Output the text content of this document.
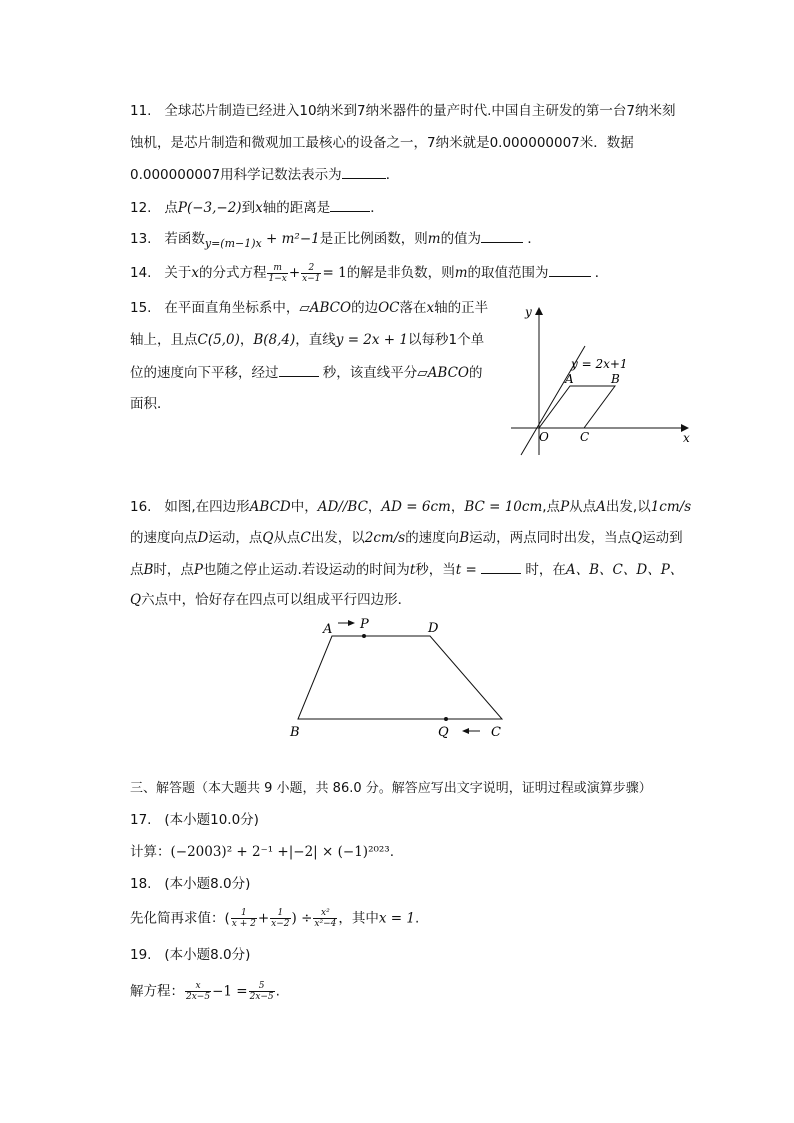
11. 全球芯片制造已经进入10纳米到7纳米器件的量产时代.中国自主研发的第一台7纳米刻
蚀机，是芯片制造和微观加工最核心的设备之一，7纳米就是0.000000007米．数据
0.000000007用科学记数法表示为	．
12. 点P(−3,−2)到x轴的距离是	．
13. 若函数$_{y=(m-1)x}$ + m²−1是正比例函数，则m的值为	．
14. 关于x的分式方程 $\frac{m}{1-x} + \frac{2}{x-1} = 1$的解是非负数，则m的取值范围为	．
15. 在平面直角坐标系中，▱ABCO的边OC落在x轴的正半
轴上，且点C(5,0)，B(8,4)，直线y = 2x + 1以每秒1个单
位的速度向下平移，经过	秒，该直线平分▱ABCO的
面积．
y
x
O
A	B
C
y = 2x+1
16. 如图,在四边形ABCD中，AD//BC，AD = 6cm，BC = 10cm,点P从点A出发,以1cm/s
的速度向点D运动，点Q从点C出发，以2cm/s的速度向B运动，两点同时出发，当点Q运动到
点B时，点P也随之停止运动.若设运动的时间为t秒，当t =	时，在A、B、C、D、P、
Q六点中，恰好存在四点可以组成平行四边形．
A P	D
B	Q	C
三、解答题（本大题共 9 小题，共 86.0 分。解答应写出文字说明，证明过程或演算步骤）
17. (本小题10.0分)
计算：(−2003)² + 2⁻¹ +|−2| × (−1)²⁰²³.
18. (本小题8.0分)
先化简再求值：( $\frac{1}{x + 2} + \frac{1}{x-2}$ ) ÷ $\frac{\text{x²}}{\text{x²−4}}$ ，其中x = 1.
19. (本小题8.0分)
解方程： $\frac{x}{2x-5} -1 = \frac{5}{2x-5}$ .
